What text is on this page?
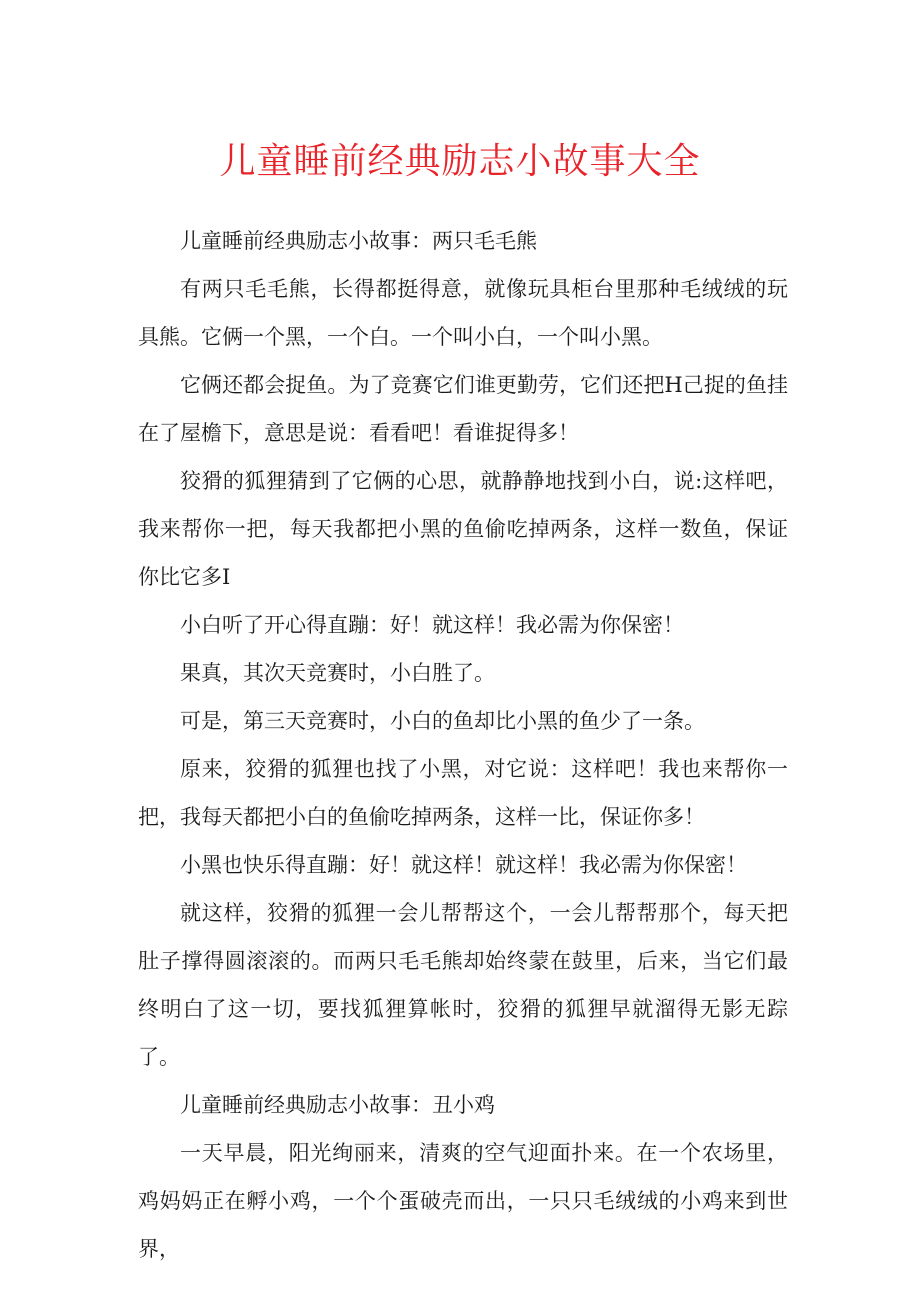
儿童睡前经典励志小故事大全

儿童睡前经典励志小故事：两只毛毛熊

有两只毛毛熊，长得都挺得意，就像玩具柜台里那种毛绒绒的玩具熊。它俩一个黑，一个白。一个叫小白，一个叫小黑。

它俩还都会捉鱼。为了竞赛它们谁更勤劳，它们还把H己捉的鱼挂在了屋檐下，意思是说：看看吧！看谁捉得多！

狡猾的狐狸猜到了它俩的心思，就静静地找到小白，说:这样吧，我来帮你一把，每天我都把小黑的鱼偷吃掉两条，这样一数鱼，保证你比它多I

小白听了开心得直蹦：好！就这样！我必需为你保密！

果真，其次天竞赛时，小白胜了。

可是，第三天竞赛时，小白的鱼却比小黑的鱼少了一条。

原来，狡猾的狐狸也找了小黑，对它说：这样吧！我也来帮你一把，我每天都把小白的鱼偷吃掉两条，这样一比，保证你多！

小黑也快乐得直蹦：好！就这样！就这样！我必需为你保密！

就这样，狡猾的狐狸一会儿帮帮这个，一会儿帮帮那个，每天把肚子撑得圆滚滚的。而两只毛毛熊却始终蒙在鼓里，后来，当它们最终明白了这一切，要找狐狸算帐时，狡猾的狐狸早就溜得无影无踪了。

儿童睡前经典励志小故事：丑小鸡

一天早晨，阳光绚丽来，清爽的空气迎面扑来。在一个农场里，鸡妈妈正在孵小鸡，一个个蛋破壳而出，一只只毛绒绒的小鸡来到世界，
